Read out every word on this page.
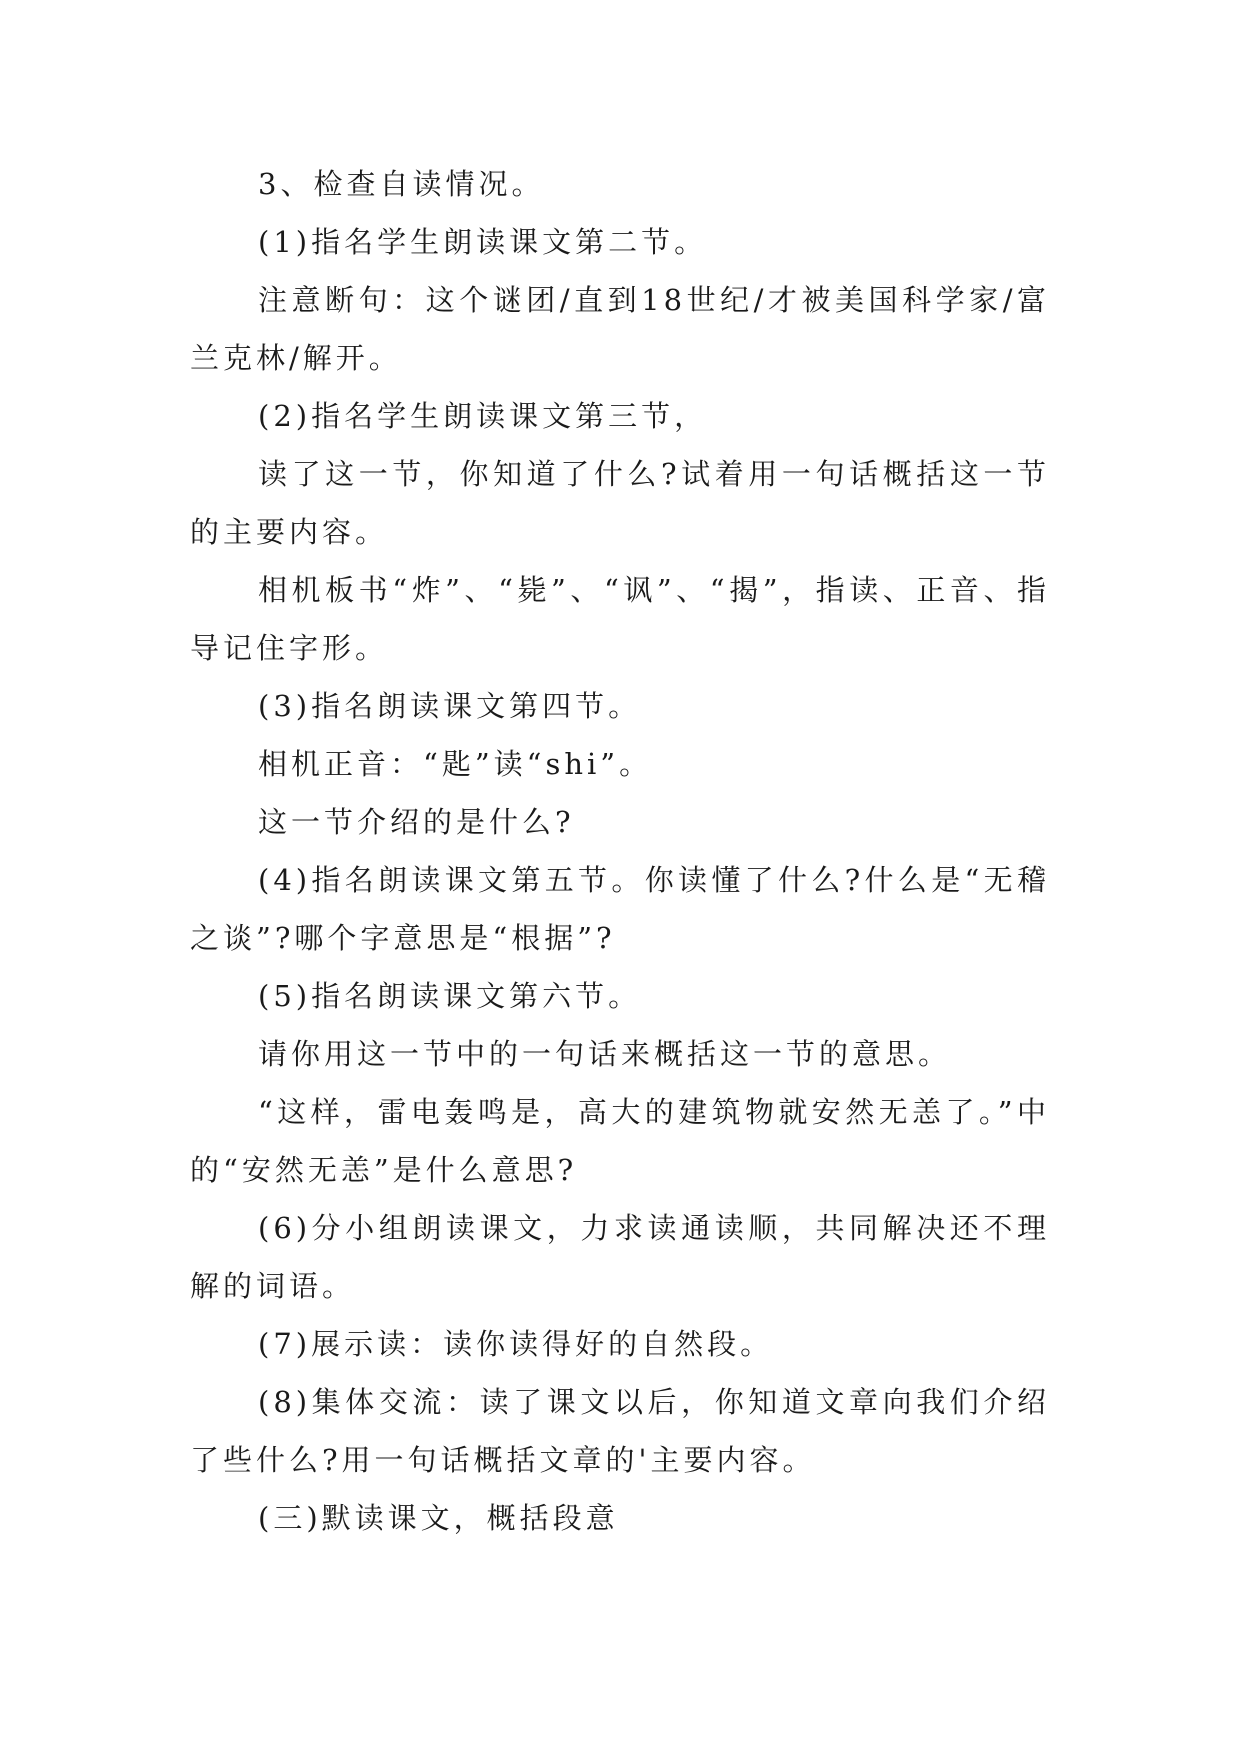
3、检查自读情况。

(1)指名学生朗读课文第二节。

注意断句：这个谜团/直到18世纪/才被美国科学家/富兰克林/解开。

(2)指名学生朗读课文第三节，

读了这一节，你知道了什么?试着用一句话概括这一节的主要内容。

相机板书“炸”、“毙”、“讽”、“揭”，指读、正音、指导记住字形。

(3)指名朗读课文第四节。

相机正音：“匙”读“shi”。

这一节介绍的是什么?

(4)指名朗读课文第五节。你读懂了什么?什么是“无稽之谈”?哪个字意思是“根据”?

(5)指名朗读课文第六节。

请你用这一节中的一句话来概括这一节的意思。

“这样，雷电轰鸣是，高大的建筑物就安然无恙了。”中的“安然无恙”是什么意思?

(6)分小组朗读课文，力求读通读顺，共同解决还不理解的词语。

(7)展示读：读你读得好的自然段。

(8)集体交流：读了课文以后，你知道文章向我们介绍了些什么?用一句话概括文章的'主要内容。

(三)默读课文，概括段意
